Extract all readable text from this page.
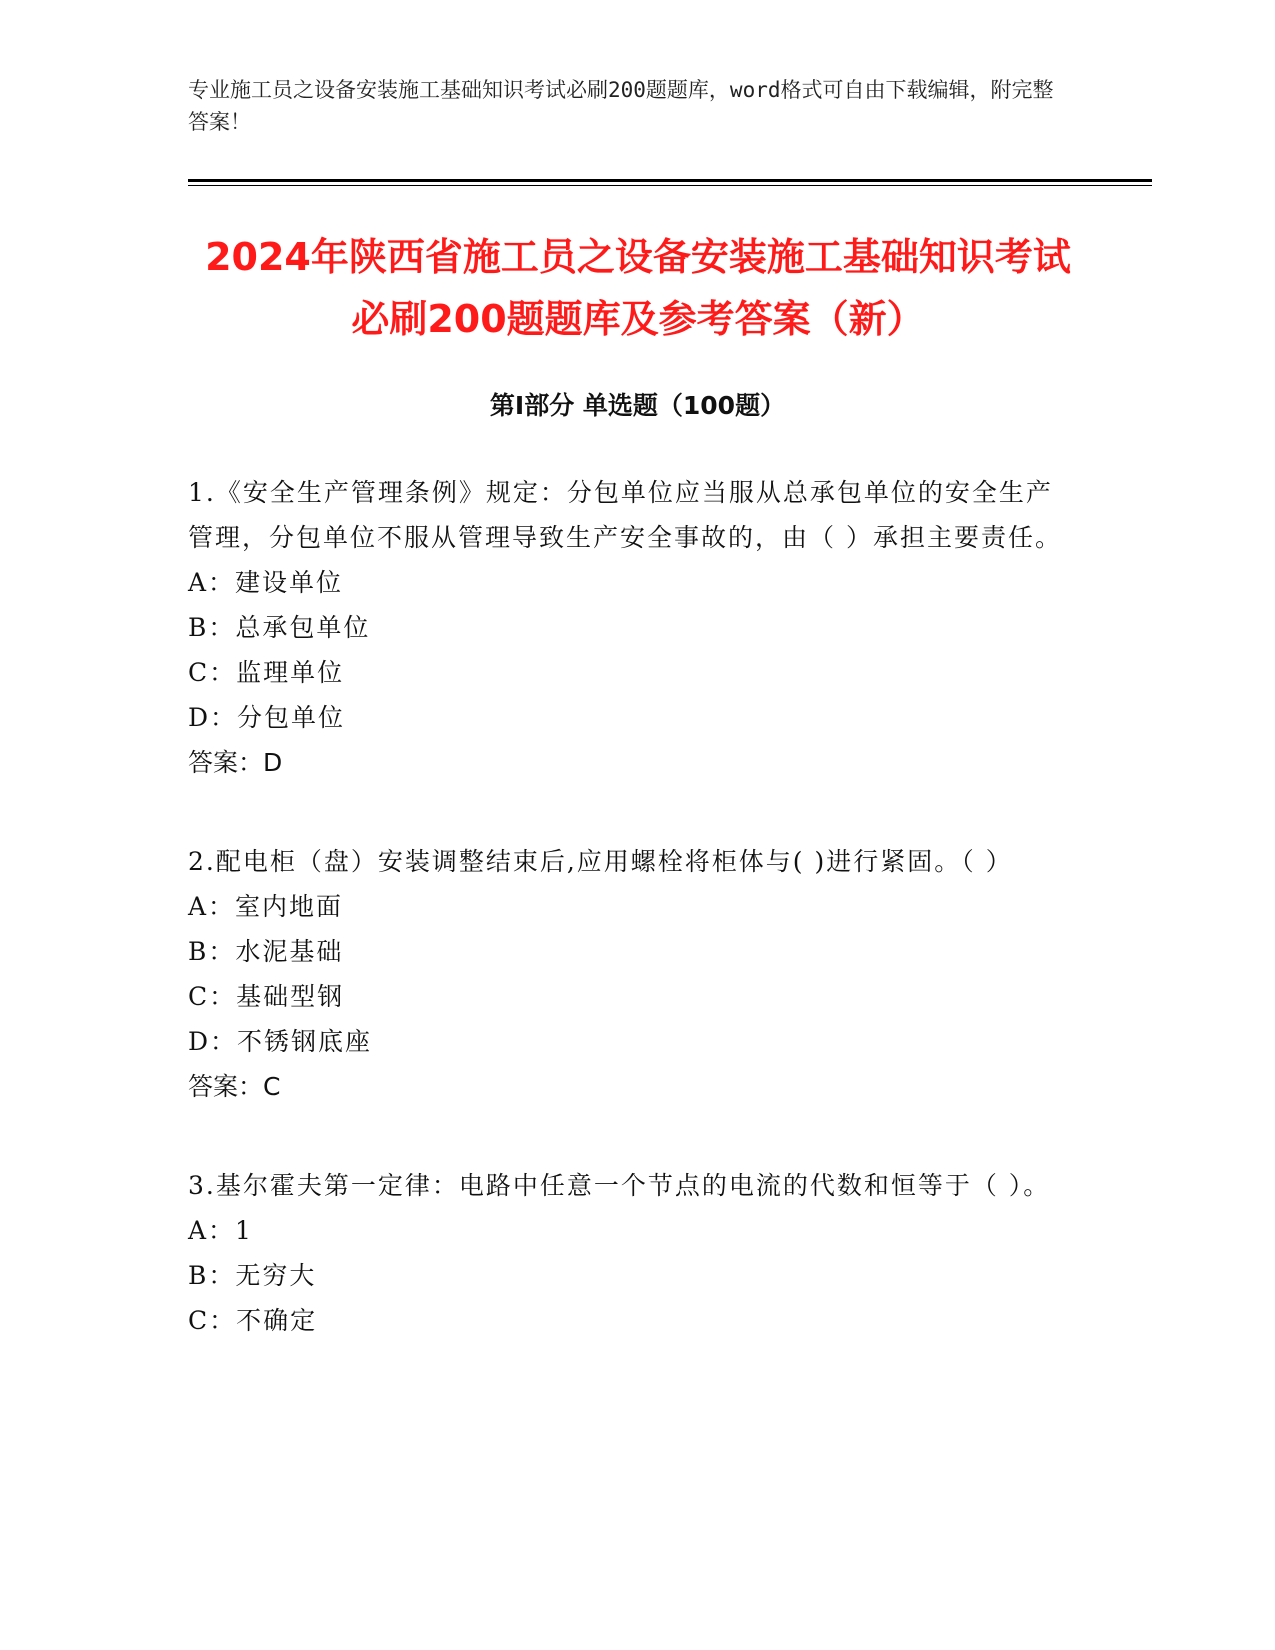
专业施工员之设备安装施工基础知识考试必刷200题题库，word格式可自由下载编辑，附完整答案！
2024年陕西省施工员之设备安装施工基础知识考试必刷200题题库及参考答案（新）
第Ⅰ部分 单选题（100题）

1.《安全生产管理条例》规定：分包单位应当服从总承包单位的安全生产管理，分包单位不服从管理导致生产安全事故的，由（ ）承担主要责任。

A：建设单位

B：总承包单位

C：监理单位

D：分包单位

答案：D

2.配电柜（盘）安装调整结束后,应用螺栓将柜体与( )进行紧固。（ ）

A：室内地面

B：水泥基础

C：基础型钢

D：不锈钢底座

答案：C

3.基尔霍夫第一定律：电路中任意一个节点的电流的代数和恒等于（ ）。

A：1

B：无穷大

C：不确定
